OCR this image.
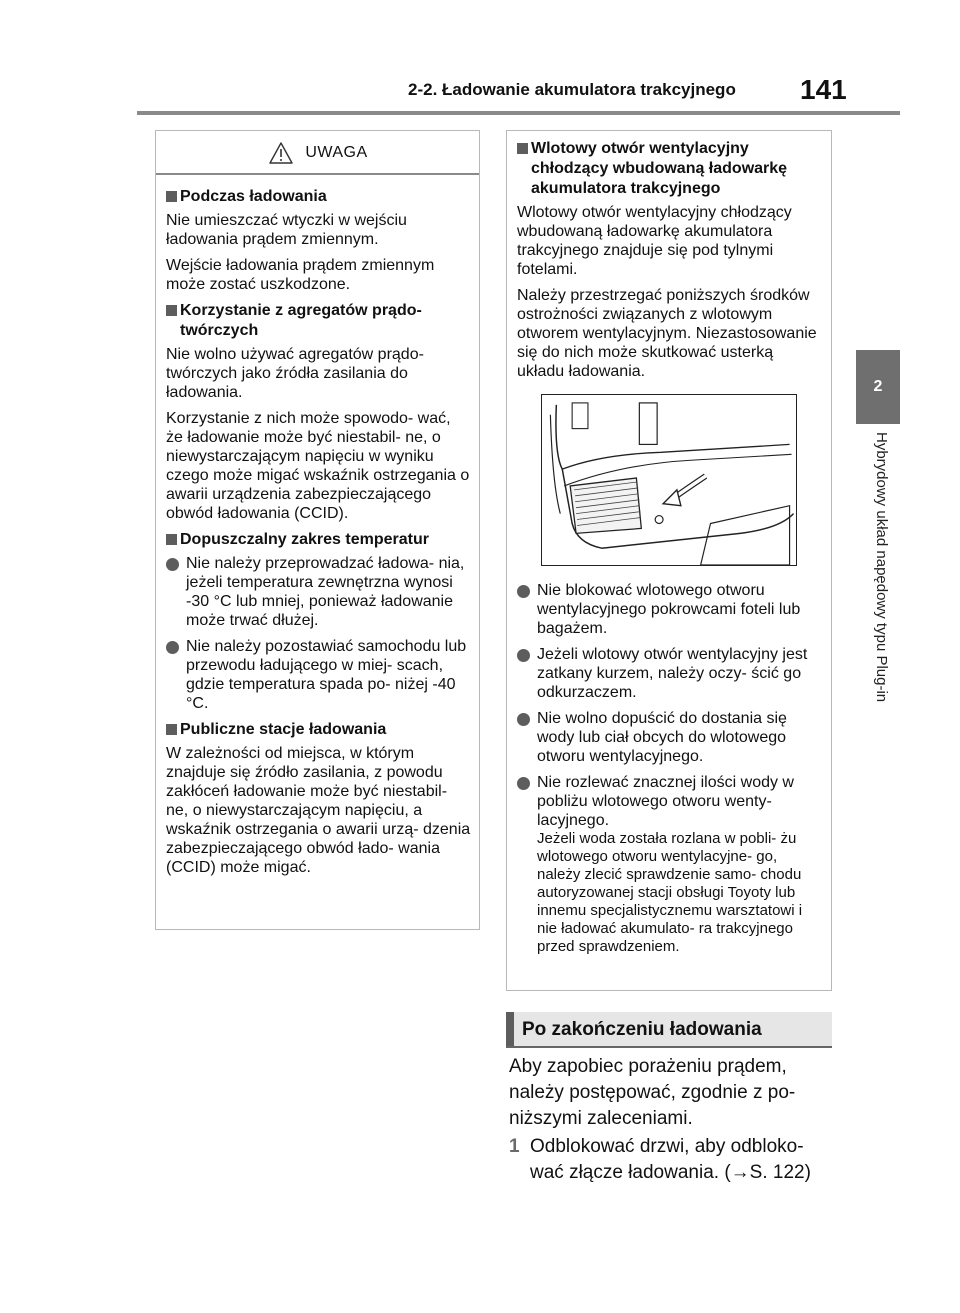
2-2. Ładowanie akumulatora trakcyjnego 141
2
Hybrydowy układ napędowy typu Plug-in
UWAGA
Podczas ładowania

Nie umieszczać wtyczki w wejściu ładowania prądem zmiennym.

Wejście ładowania prądem zmiennym może zostać uszkodzone.

Korzystanie z agregatów prądo- twórczych

Nie wolno używać agregatów prądo- twórczych jako źródła zasilania do ładowania.

Korzystanie z nich może spowodo- wać, że ładowanie może być niestabil- ne, o niewystarczającym napięciu w wyniku czego może migać wskaźnik ostrzegania o awarii urządzenia zabezpieczającego obwód ładowania (CCID).

Dopuszczalny zakres temperatur
Nie należy przeprowadzać ładowa- nia, jeżeli temperatura zewnętrzna wynosi -30 °C lub mniej, ponieważ ładowanie może trwać dłużej.
Nie należy pozostawiać samochodu lub przewodu ładującego w miej- scach, gdzie temperatura spada po- niżej -40 °C.
Publiczne stacje ładowania

W zależności od miejsca, w którym znajduje się źródło zasilania, z powodu zakłóceń ładowanie może być niestabil- ne, o niewystarczającym napięciu, a wskaźnik ostrzegania o awarii urzą- dzenia zabezpieczającego obwód łado- wania (CCID) może migać.

Wlotowy otwór wentylacyjny chłodzący wbudowaną ładowarkę akumulatora trakcyjnego

Wlotowy otwór wentylacyjny chłodzący wbudowaną ładowarkę akumulatora trakcyjnego znajduje się pod tylnymi fotelami.

Należy przestrzegać poniższych środków ostrożności związanych z wlotowym otworem wentylacyjnym. Niezastosowanie się do nich może skutkować usterką układu ładowania.

Nie blokować wlotowego otworu wentylacyjnego pokrowcami foteli lub bagażem.
Jeżeli wlotowy otwór wentylacyjny jest zatkany kurzem, należy oczy- ścić go odkurzaczem.
Nie wolno dopuścić do dostania się wody lub ciał obcych do wlotowego otworu wentylacyjnego.
Nie rozlewać znacznej ilości wody w pobliżu wlotowego otworu wenty- lacyjnego.
Jeżeli woda została rozlana w pobli- żu wlotowego otworu wentylacyjne- go, należy zlecić sprawdzenie samo- chodu autoryzowanej stacji obsługi Toyoty lub innemu specjalistycznemu warsztatowi i nie ładować akumulato- ra trakcyjnego przed sprawdzeniem.
Po zakończeniu ładowania
Aby zapobiec porażeniu prądem, należy postępować, zgodnie z po- niższymi zaleceniami.
1 Odblokować drzwi, aby odbloko- wać złącze ładowania. (→S. 122)
